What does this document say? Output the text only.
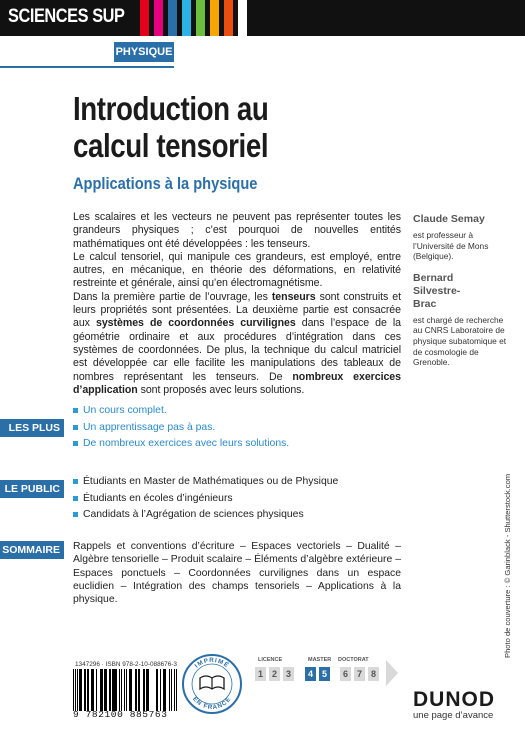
SCIENCES SUP
PHYSIQUE
Introduction au
calcul tensoriel
Applications à la physique

Les scalaires et les vecteurs ne peuvent pas représenter toutes les grandeurs physiques ; c’est pourquoi de nouvelles entités mathématiques ont été développées : les tenseurs.

Le calcul tensoriel, qui manipule ces grandeurs, est employé, entre autres, en mécanique, en théorie des déformations, en relativité restreinte et générale, ainsi qu’en électromagnétisme.

Dans la première partie de l’ouvrage, les tenseurs sont construits et leurs propriétés sont présentées. La deuxième partie est consacrée aux systèmes de coordonnées curvilignes dans l’espace de la géométrie ordinaire et aux procédures d’intégration dans ces systèmes de coordonnées. De plus, la technique du calcul matriciel est développée car elle facilite les manipulations des tableaux de nombres représentant les tenseurs. De nombreux exercices d’application sont proposés avec leurs solutions.

Claude Semay

est professeur à l’Université de Mons (Belgique).

Bernard Silvestre-Brac

est chargé de recherche au CNRS Laboratoire de physique subatomique et de cosmologie de Grenoble.

LES PLUS
Un cours complet.
Un apprentissage pas à pas.
De nombreux exercices avec leurs solutions.
LE PUBLIC
Étudiants en Master de Mathématiques ou de Physique
Étudiants en écoles d’ingénieurs
Candidats à l’Agrégation de sciences physiques
SOMMAIRE	Rappels et conventions d’écriture – Espaces vectoriels – Dualité – Algèbre tensorielle – Produit scalaire – Éléments d’algèbre extérieure – Espaces ponctuels – Coordonnées curvilignes dans un espace euclidien – Intégration des champs tensoriels – Applications à la physique.	Photo de couverture : © Garinblack - Shutterstock.com
1347296 · ISBN 978-2-10-088676-3
9 782100 885763
IMPRIMÉ
EN FRANCE
LICENCE	MASTER DOCTORAT
1 2 3	4 5	6 7 8

DUNOD

une page d’avance
